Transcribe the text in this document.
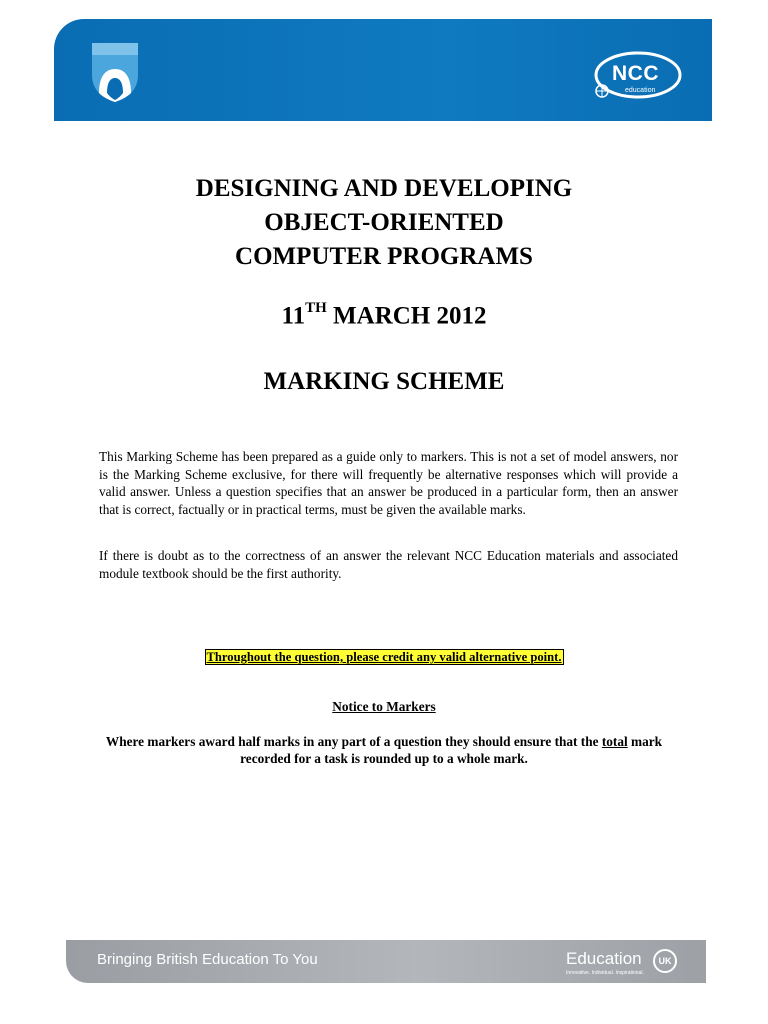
NCC
education
DESIGNING AND DEVELOPING
OBJECT-ORIENTED
COMPUTER PROGRAMS
11TH MARCH 2012
MARKING SCHEME

This Marking Scheme has been prepared as a guide only to markers. This is not a set of model answers, nor is the Marking Scheme exclusive, for there will frequently be alternative responses which will provide a valid answer. Unless a question specifies that an answer be produced in a particular form, then an answer that is correct, factually or in practical terms, must be given the available marks.

If there is doubt as to the correctness of an answer the relevant NCC Education materials and associated module textbook should be the first authority.

Throughout the question, please credit any valid alternative point.
Notice to Markers
Where markers award half marks in any part of a question they should ensure that the total mark recorded for a task is rounded up to a whole mark.
Bringing British Education To You	Education	UK
Innovative. Individual. Inspirational.
